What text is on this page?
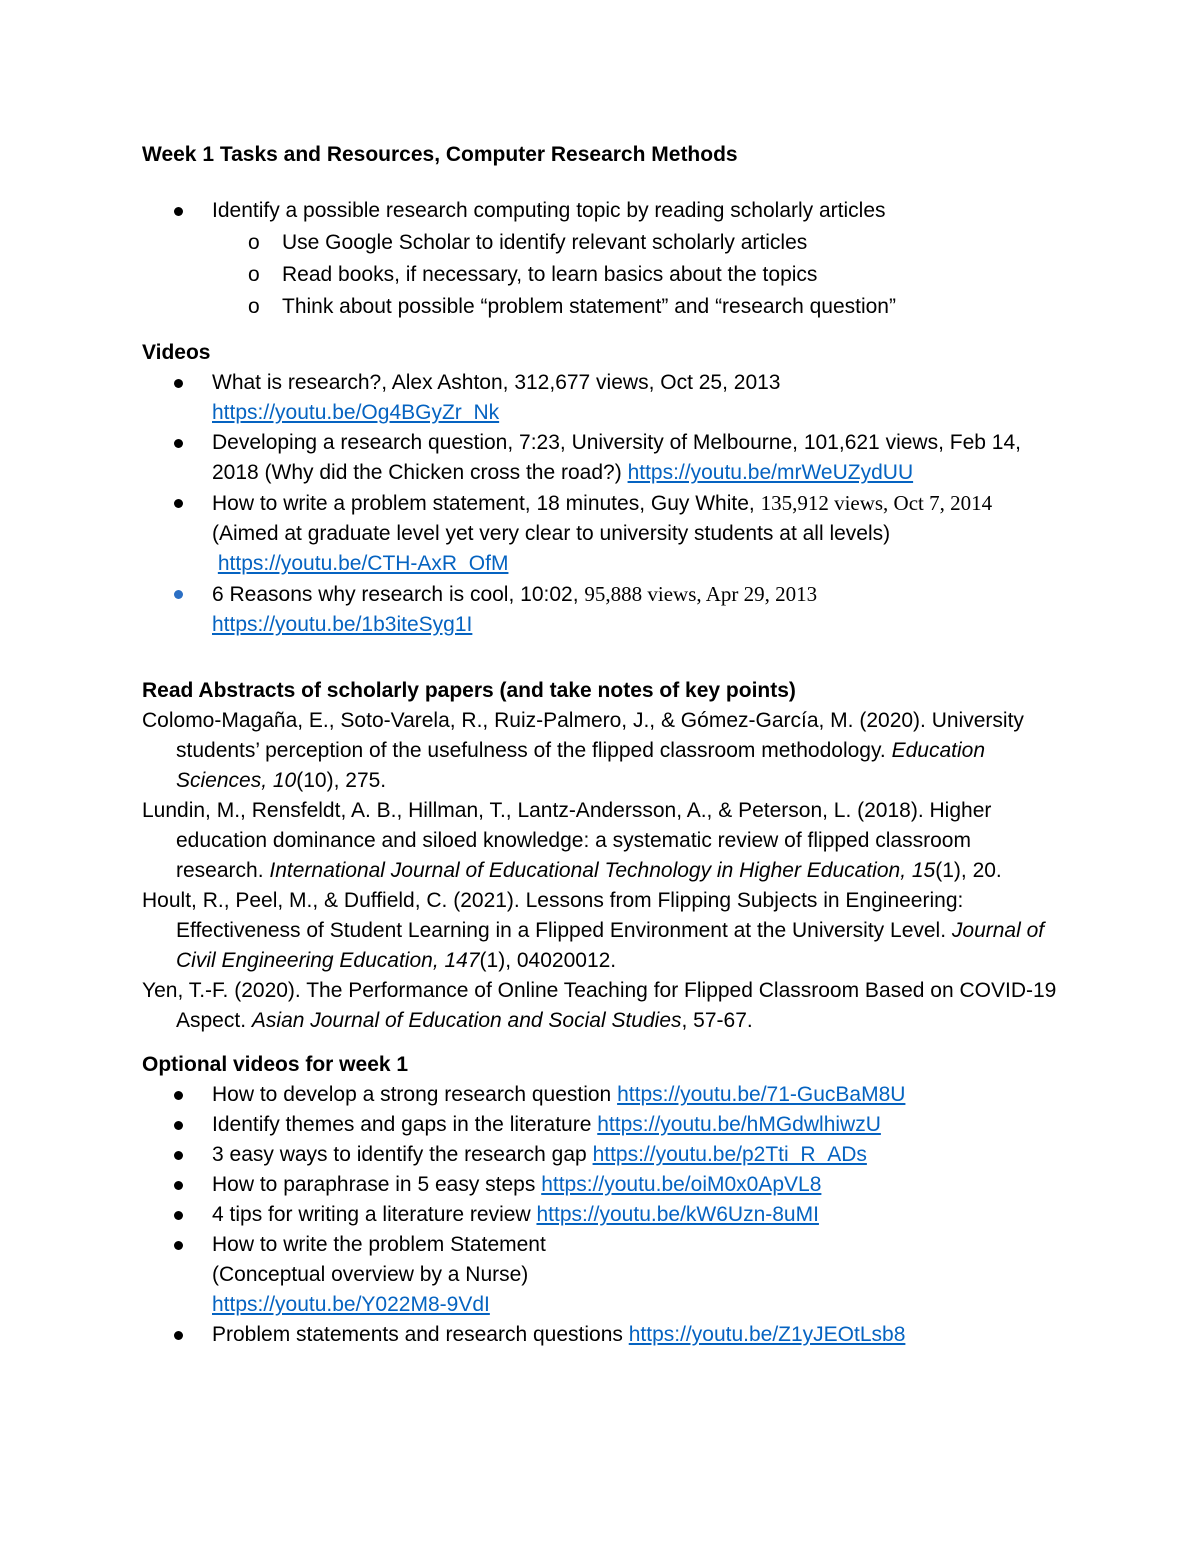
Week 1 Tasks and Resources, Computer Research Methods
Identify a possible research computing topic by reading scholarly articles
o Use Google Scholar to identify relevant scholarly articles
o Read books, if necessary, to learn basics about the topics
o Think about possible “problem statement” and “research question”
Videos
What is research?, Alex Ashton, 312,677 views, Oct 25, 2013
https://youtu.be/Og4BGyZr_Nk
Developing a research question, 7:23, University of Melbourne, 101,621 views, Feb 14, 2018 (Why did the Chicken cross the road?) https://youtu.be/mrWeUZydUU
How to write a problem statement, 18 minutes, Guy White, 135,912 views, Oct 7, 2014 (Aimed at graduate level yet very clear to university students at all levels)
https://youtu.be/CTH-AxR_OfM
6 Reasons why research is cool, 10:02, 95,888 views, Apr 29, 2013
https://youtu.be/1b3iteSyg1I
Read Abstracts of scholarly papers (and take notes of key points)

Colomo-Magaña, E., Soto-Varela, R., Ruiz-Palmero, J., & Gómez-García, M. (2020). University students’ perception of the usefulness of the flipped classroom methodology. Education Sciences, 10(10), 275.

Lundin, M., Rensfeldt, A. B., Hillman, T., Lantz-Andersson, A., & Peterson, L. (2018). Higher education dominance and siloed knowledge: a systematic review of flipped classroom research. International Journal of Educational Technology in Higher Education, 15(1), 20.

Hoult, R., Peel, M., & Duffield, C. (2021). Lessons from Flipping Subjects in Engineering: Effectiveness of Student Learning in a Flipped Environment at the University Level. Journal of Civil Engineering Education, 147(1), 04020012.

Yen, T.-F. (2020). The Performance of Online Teaching for Flipped Classroom Based on COVID-19 Aspect. Asian Journal of Education and Social Studies, 57-67.

Optional videos for week 1
How to develop a strong research question https://youtu.be/71-GucBaM8U
Identify themes and gaps in the literature https://youtu.be/hMGdwlhiwzU
3 easy ways to identify the research gap https://youtu.be/p2Tti_R_ADs
How to paraphrase in 5 easy steps https://youtu.be/oiM0x0ApVL8
4 tips for writing a literature review https://youtu.be/kW6Uzn-8uMI
How to write the problem Statement
(Conceptual overview by a Nurse)
https://youtu.be/Y022M8-9VdI
Problem statements and research questions https://youtu.be/Z1yJEOtLsb8
